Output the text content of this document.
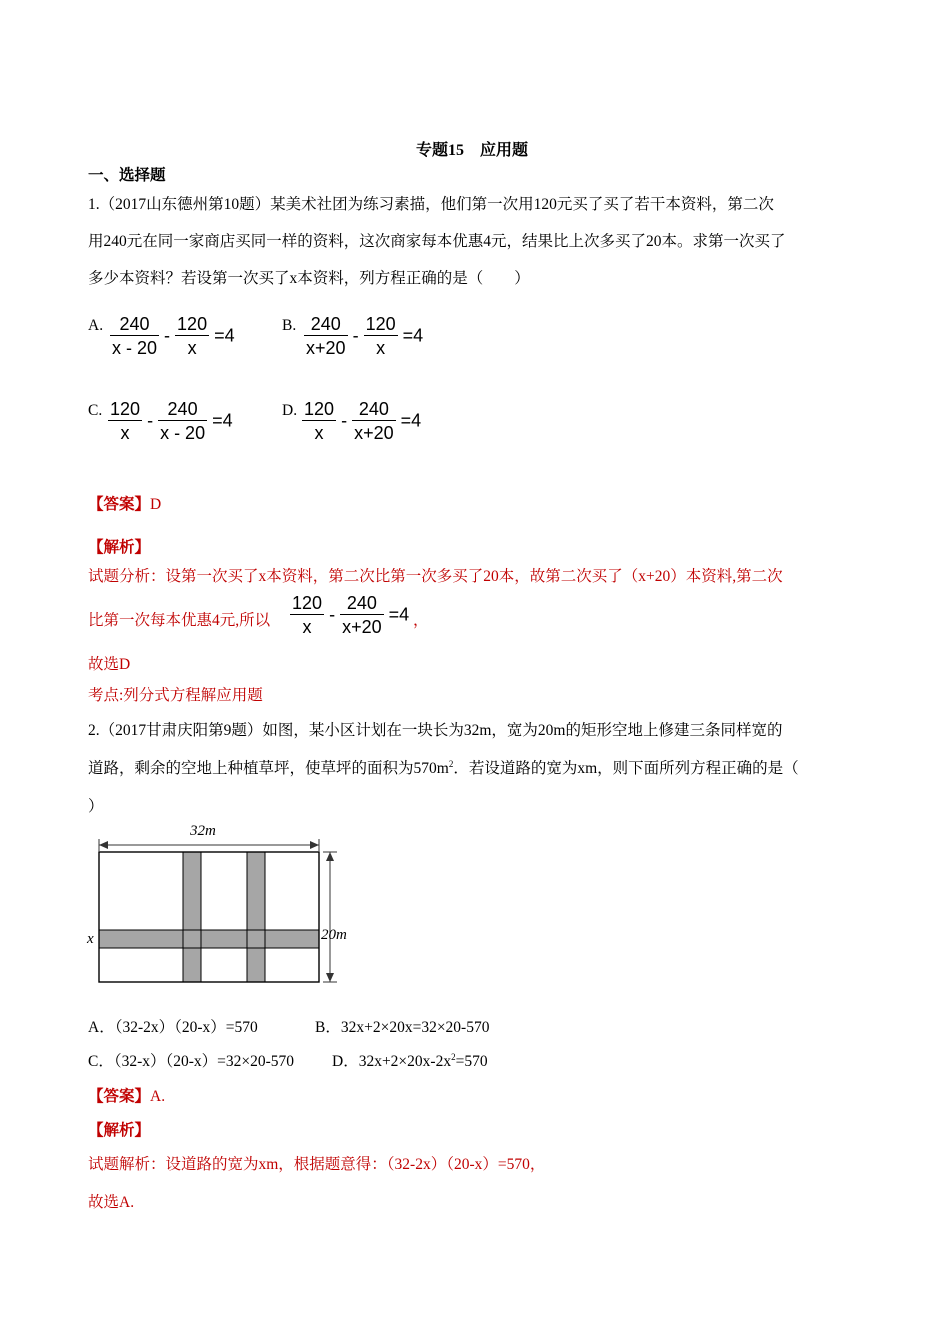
专题15　应用题
一、选择题
1.（2017山东德州第10题）某美术社团为练习素描，他们第一次用120元买了买了若干本资料，第二次
用240元在同一家商店买同一样的资料，这次商家每本优惠4元，结果比上次多买了20本。求第一次买了
多少本资料？若设第一次买了x本资料，列方程正确的是（　　）
A. $\frac{240}{x - 20} - \frac{120}{x} =4$	B. $\frac{240}{x+20} - \frac{120}{x} =4$
C. $\frac{120}{x} - \frac{240}{x - 20} =4$	D. $\frac{120}{x} - \frac{240}{x+20} =4$
【答案】D
【解析】
试题分析：设第一次买了x本资料，第二次比第一次多买了20本，故第二次买了（x+20）本资料,第二次
比第一次每本优惠4元,所以 $\frac{120}{x} - \frac{240}{x+20} =4$ ，
故选D
考点:列分式方程解应用题
2.（2017甘肃庆阳第9题）如图，某小区计划在一块长为32m，宽为20m的矩形空地上修建三条同样宽的
道路，剩余的空地上种植草坪，使草坪的面积为$570m^2$．若设道路的宽为xm，则下面所列方程正确的是（
）
32m
20m
x
A．（32-2x）（20-x）=570	B．32x+2×20x=32×20-570
C．（32-x）（20-x）=32×20-570 D．$32x+2\times 20x-2x^2=570$
【答案】A.
【解析】
试题解析：设道路的宽为xm，根据题意得：（32-2x）（20-x）=570，
故选A.
